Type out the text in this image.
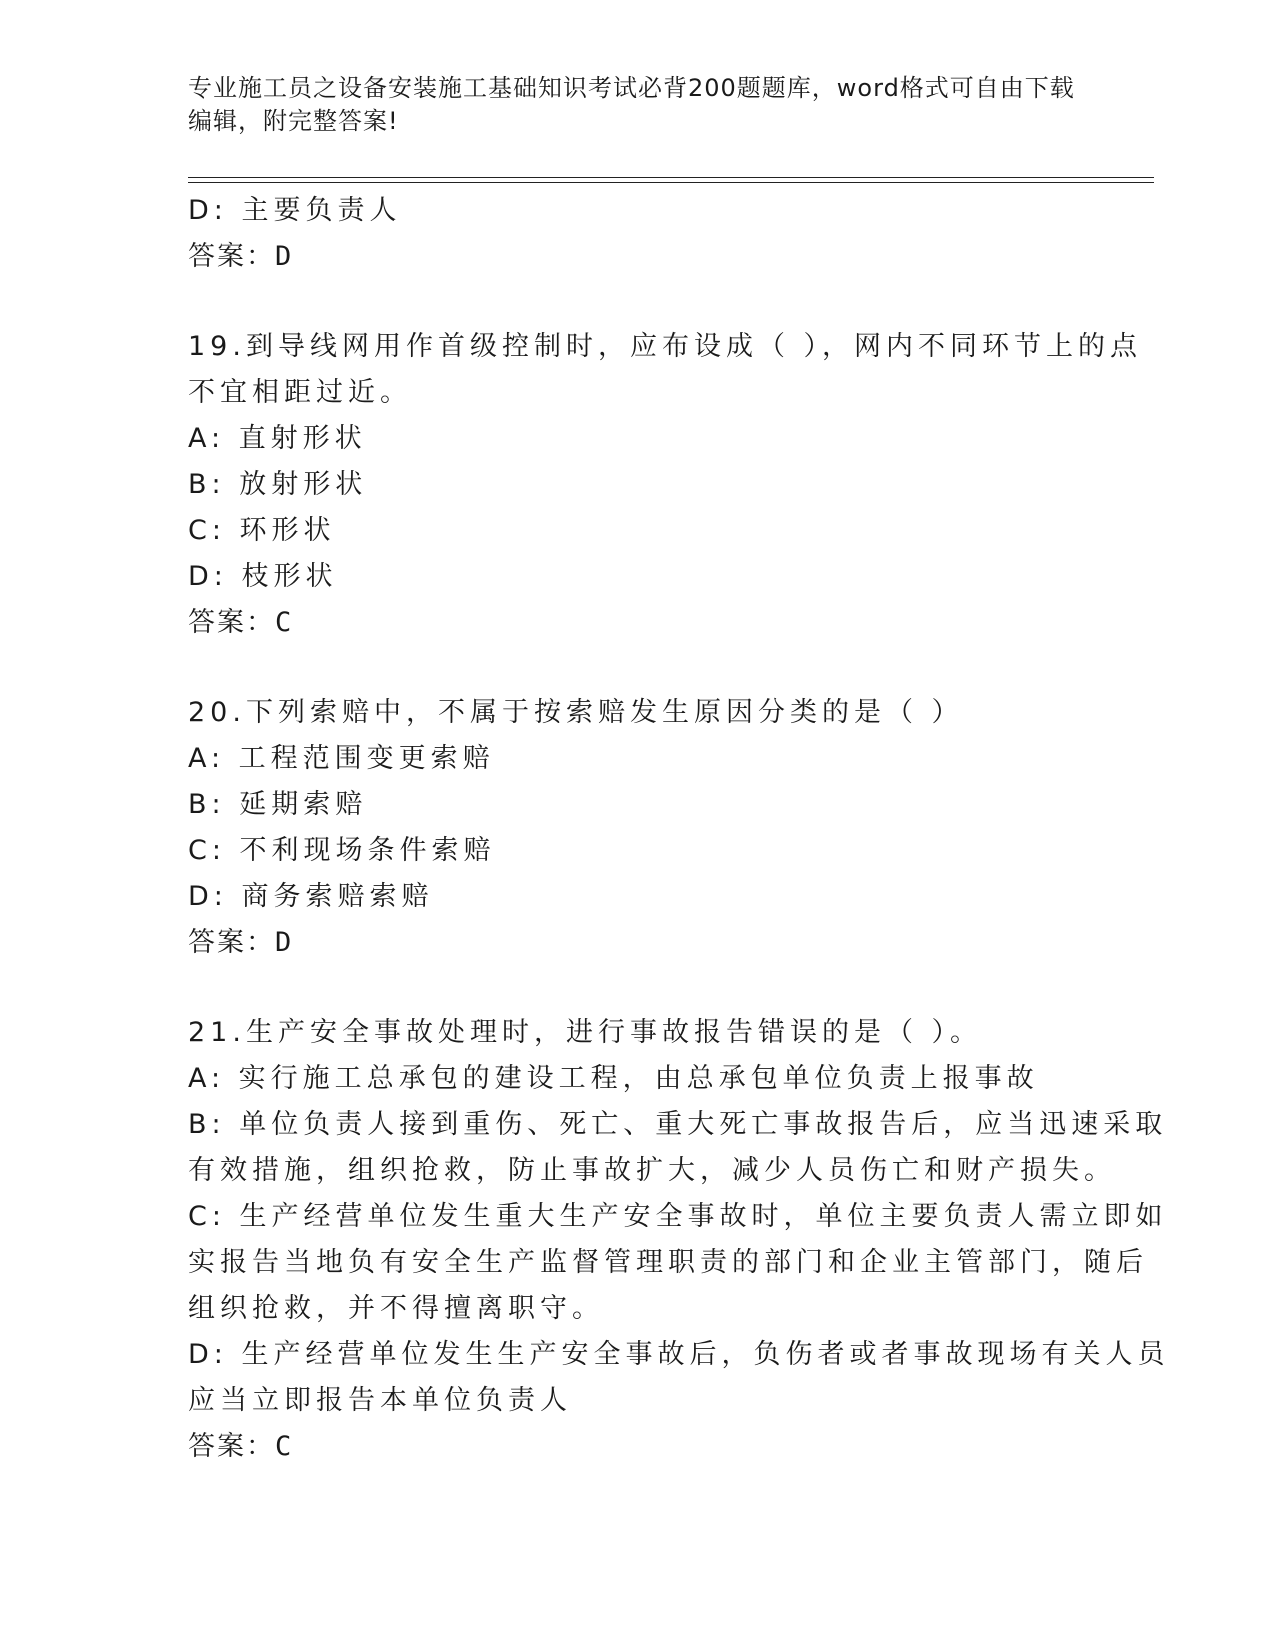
专业施工员之设备安装施工基础知识考试必背200题题库，word格式可自由下载
编辑，附完整答案!
D: 主要负责人
答案：D
19.到导线网用作首级控制时，应布设成（ ），网内不同环节上的点
不宜相距过近。
A: 直射形状
B: 放射形状
C: 环形状
D: 枝形状
答案：C
20.下列索赔中，不属于按索赔发生原因分类的是（ ）
A: 工程范围变更索赔
B: 延期索赔
C: 不利现场条件索赔
D: 商务索赔索赔
答案：D
21.生产安全事故处理时，进行事故报告错误的是（ ）。
A: 实行施工总承包的建设工程，由总承包单位负责上报事故
B: 单位负责人接到重伤、死亡、重大死亡事故报告后，应当迅速采取
有效措施，组织抢救，防止事故扩大，减少人员伤亡和财产损失。
C: 生产经营单位发生重大生产安全事故时，单位主要负责人需立即如
实报告当地负有安全生产监督管理职责的部门和企业主管部门，随后
组织抢救，并不得擅离职守。
D: 生产经营单位发生生产安全事故后，负伤者或者事故现场有关人员
应当立即报告本单位负责人
答案：C
